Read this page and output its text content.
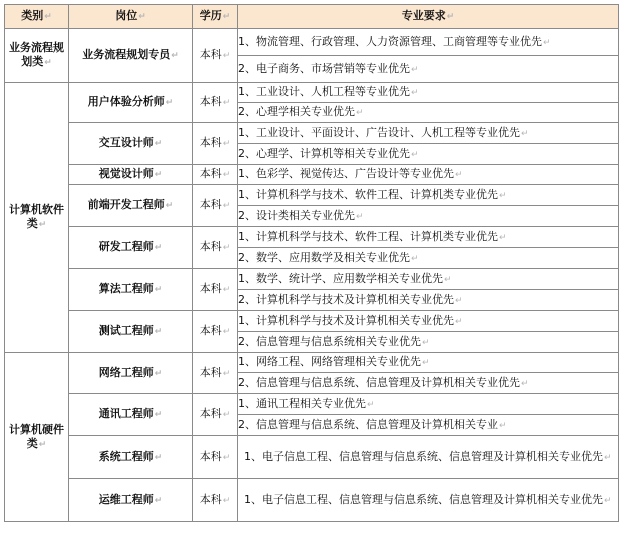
类别↵	岗位↵	学历↵	专业要求↵
业务流程规划类↵	业务流程规划专员↵	本科↵	1、物流管理、行政管理、人力资源管理、工商管理等专业优先↵
			2、电子商务、市场营销等专业优先↵
计算机软件类↵	用户体验分析师↵	本科↵	1、工业设计、人机工程等专业优先↵
			2、心理学相关专业优先↵
	交互设计师↵	本科↵	1、工业设计、平面设计、广告设计、人机工程等专业优先↵
			2、心理学、计算机等相关专业优先↵
	视觉设计师↵	本科↵	1、色彩学、视觉传达、广告设计等专业优先↵
	前端开发工程师↵	本科↵	1、计算机科学与技术、软件工程、计算机类专业优先↵
			2、设计类相关专业优先↵
	研发工程师↵	本科↵	1、计算机科学与技术、软件工程、计算机类专业优先↵
			2、数学、应用数学及相关专业优先↵
	算法工程师↵	本科↵	1、数学、统计学、应用数学相关专业优先↵
			2、计算机科学与技术及计算机相关专业优先↵
	测试工程师↵	本科↵	1、计算机科学与技术及计算机相关专业优先↵
			2、信息管理与信息系统相关专业优先↵
计算机硬件类↵	网络工程师↵	本科↵	1、网络工程、网络管理相关专业优先↵
			2、信息管理与信息系统、信息管理及计算机相关专业优先↵
	通讯工程师↵	本科↵	1、通讯工程相关专业优先↵
			2、信息管理与信息系统、信息管理及计算机相关专业↵
	系统工程师↵	本科↵	1、电子信息工程、信息管理与信息系统、信息管理及计算机相关专业优先↵
	运维工程师↵	本科↵	1、电子信息工程、信息管理与信息系统、信息管理及计算机相关专业优先↵
